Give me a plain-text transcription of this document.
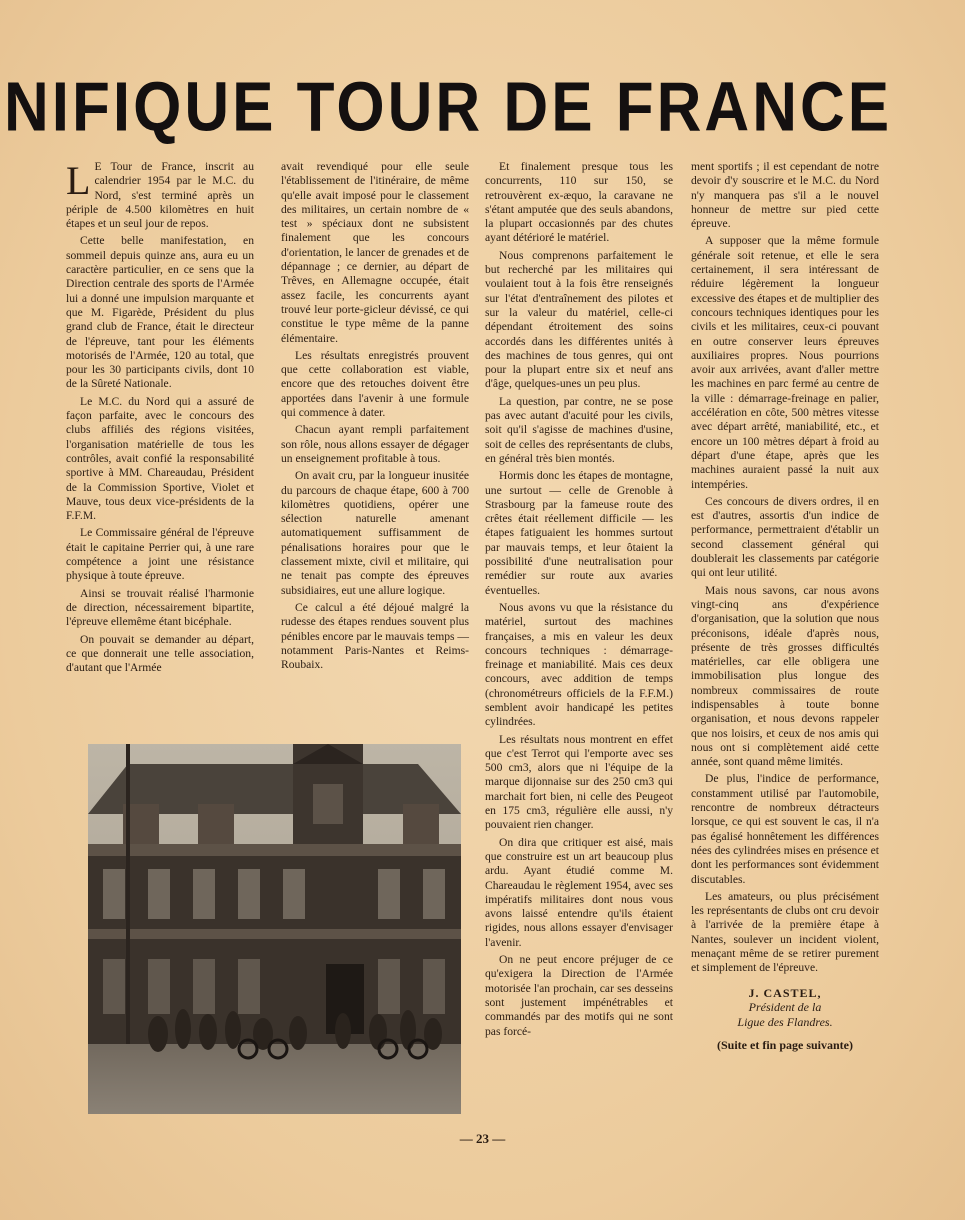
NIFIQUE TOUR DE FRANCE

L E Tour de France, inscrit au calendrier 1954 par le M.C. du Nord, s'est terminé après un périple de 4.500 kilomètres en huit étapes et un seul jour de repos.

Cette belle manifestation, en sommeil depuis quinze ans, aura eu un caractère particulier, en ce sens que la Direction centrale des sports de l'Armée lui a donné une impulsion marquante et que M. Figarède, Président du plus grand club de France, était le directeur de l'épreuve, tant pour les éléments motorisés de l'Armée, 120 au total, que pour les 30 participants civils, dont 10 de la Sûreté Nationale.

Le M.C. du Nord qui a assuré de façon parfaite, avec le concours des clubs affiliés des régions visitées, l'organisation matérielle de tous les contrôles, avait confié la responsabilité sportive à MM. Chareaudau, Président de la Commission Sportive, Violet et Mauve, tous deux vice-présidents de la F.F.M.

Le Commissaire général de l'épreuve était le capitaine Perrier qui, à une rare compétence a joint une résistance physique à toute épreuve.

Ainsi se trouvait réalisé l'harmonie de direction, nécessairement bipartite, l'épreuve ellemême étant bicéphale.

On pouvait se demander au départ, ce que donnerait une telle association, d'autant que l'Armée

avait revendiqué pour elle seule l'établissement de l'itinéraire, de même qu'elle avait imposé pour le classement des militaires, un certain nombre de « test » spéciaux dont ne subsistent finalement que les concours d'orientation, le lancer de grenades et de dépannage ; ce dernier, au départ de Trêves, en Allemagne occupée, était assez facile, les concurrents ayant trouvé leur porte-gicleur dévissé, ce qui constitue le type même de la panne élémentaire.

Les résultats enregistrés prouvent que cette collaboration est viable, encore que des retouches doivent être apportées dans l'avenir à une formule qui commence à dater.

Chacun ayant rempli parfaitement son rôle, nous allons essayer de dégager un enseignement profitable à tous.

On avait cru, par la longueur inusitée du parcours de chaque étape, 600 à 700 kilomètres quotidiens, opérer une sélection naturelle amenant automatiquement suffisamment de pénalisations horaires pour que le classement mixte, civil et militaire, qui ne tenait pas compte des épreuves subsidiaires, eut une allure logique.

Ce calcul a été déjoué malgré la rudesse des étapes rendues souvent plus pénibles encore par le mauvais temps — notamment Paris-Nantes et Reims-Roubaix.

Et finalement presque tous les concurrents, 110 sur 150, se retrouvèrent ex-æquo, la caravane ne s'étant amputée que des seuls abandons, la plupart occasionnés par des chutes ayant détérioré le matériel.

Nous comprenons parfaitement le but recherché par les militaires qui voulaient tout à la fois être renseignés sur l'état d'entraînement des pilotes et sur la valeur du matériel, celle-ci dépendant étroitement des soins accordés dans les différentes unités à des machines de tous genres, qui ont pour la plupart entre six et neuf ans d'âge, quelques-unes un peu plus.

La question, par contre, ne se pose pas avec autant d'acuité pour les civils, soit qu'il s'agisse de machines d'usine, soit de celles des représentants de clubs, en général très bien montés.

Hormis donc les étapes de montagne, une surtout — celle de Grenoble à Strasbourg par la fameuse route des crêtes était réellement difficile — les étapes fatiguaient les hommes surtout par mauvais temps, et leur ôtaient la possibilité d'une neutralisation pour remédier sur route aux avaries éventuelles.

Nous avons vu que la résistance du matériel, surtout des machines françaises, a mis en valeur les deux concours techniques : démarrage-freinage et maniabilité. Mais ces deux concours, avec addition de temps (chronométreurs officiels de la F.F.M.) semblent avoir handicapé les petites cylindrées.

Les résultats nous montrent en effet que c'est Terrot qui l'emporte avec ses 500 cm3, alors que ni l'équipe de la marque dijonnaise sur des 250 cm3 qui marchait fort bien, ni celle des Peugeot en 175 cm3, régulière elle aussi, n'y pouvaient rien changer.

On dira que critiquer est aisé, mais que construire est un art beaucoup plus ardu. Ayant étudié comme M. Chareaudau le règlement 1954, avec ses impératifs militaires dont nous vous avons laissé entendre qu'ils étaient rigides, nous allons essayer d'envisager l'avenir.

On ne peut encore préjuger de ce qu'exigera la Direction de l'Armée motorisée l'an prochain, car ses desseins sont justement impénétrables et commandés par des motifs qui ne sont pas forcé-

ment sportifs ; il est cependant de notre devoir d'y souscrire et le M.C. du Nord n'y manquera pas s'il a le nouvel honneur de mettre sur pied cette épreuve.

A supposer que la même formule générale soit retenue, et elle le sera certainement, il sera intéressant de réduire légèrement la longueur excessive des étapes et de multiplier des concours techniques identiques pour les civils et les militaires, ceux-ci pouvant en outre conserver leurs épreuves auxiliaires propres. Nous pourrions avoir aux arrivées, avant d'aller mettre les machines en parc fermé au centre de la ville : démarrage-freinage en palier, accélération en côte, 500 mètres vitesse avec départ arrêté, maniabilité, etc., et encore un 100 mètres départ à froid au départ d'une étape, après que les machines auraient passé la nuit aux intempéries.

Ces concours de divers ordres, il en est d'autres, assortis d'un indice de performance, permettraient d'établir un second classement général qui doublerait les classements par catégorie qui ont leur utilité.

Mais nous savons, car nous avons vingt-cinq ans d'expérience d'organisation, que la solution que nous préconisons, idéale d'après nous, présente de très grosses difficultés matérielles, car elle obligera une immobilisation plus longue des nombreux commissaires de route indispensables à toute bonne organisation, et nous devons rappeler que nos loisirs, et ceux de nos amis qui nous ont si complètement aidé cette année, sont quand même limités.

De plus, l'indice de performance, constamment utilisé par l'automobile, rencontre de nombreux détracteurs lorsque, ce qui est souvent le cas, il n'a pas égalisé honnêtement les différences nées des cylindrées mises en présence et dont les performances sont évidemment discutables.

Les amateurs, ou plus précisément les représentants de clubs ont cru devoir à l'arrivée de la première étape à Nantes, soulever un incident violent, menaçant même de se retirer purement et simplement de l'épreuve.

J. CASTEL,
Président de la
Ligue des Flandres.
(Suite et fin page suivante)
— 23 —
